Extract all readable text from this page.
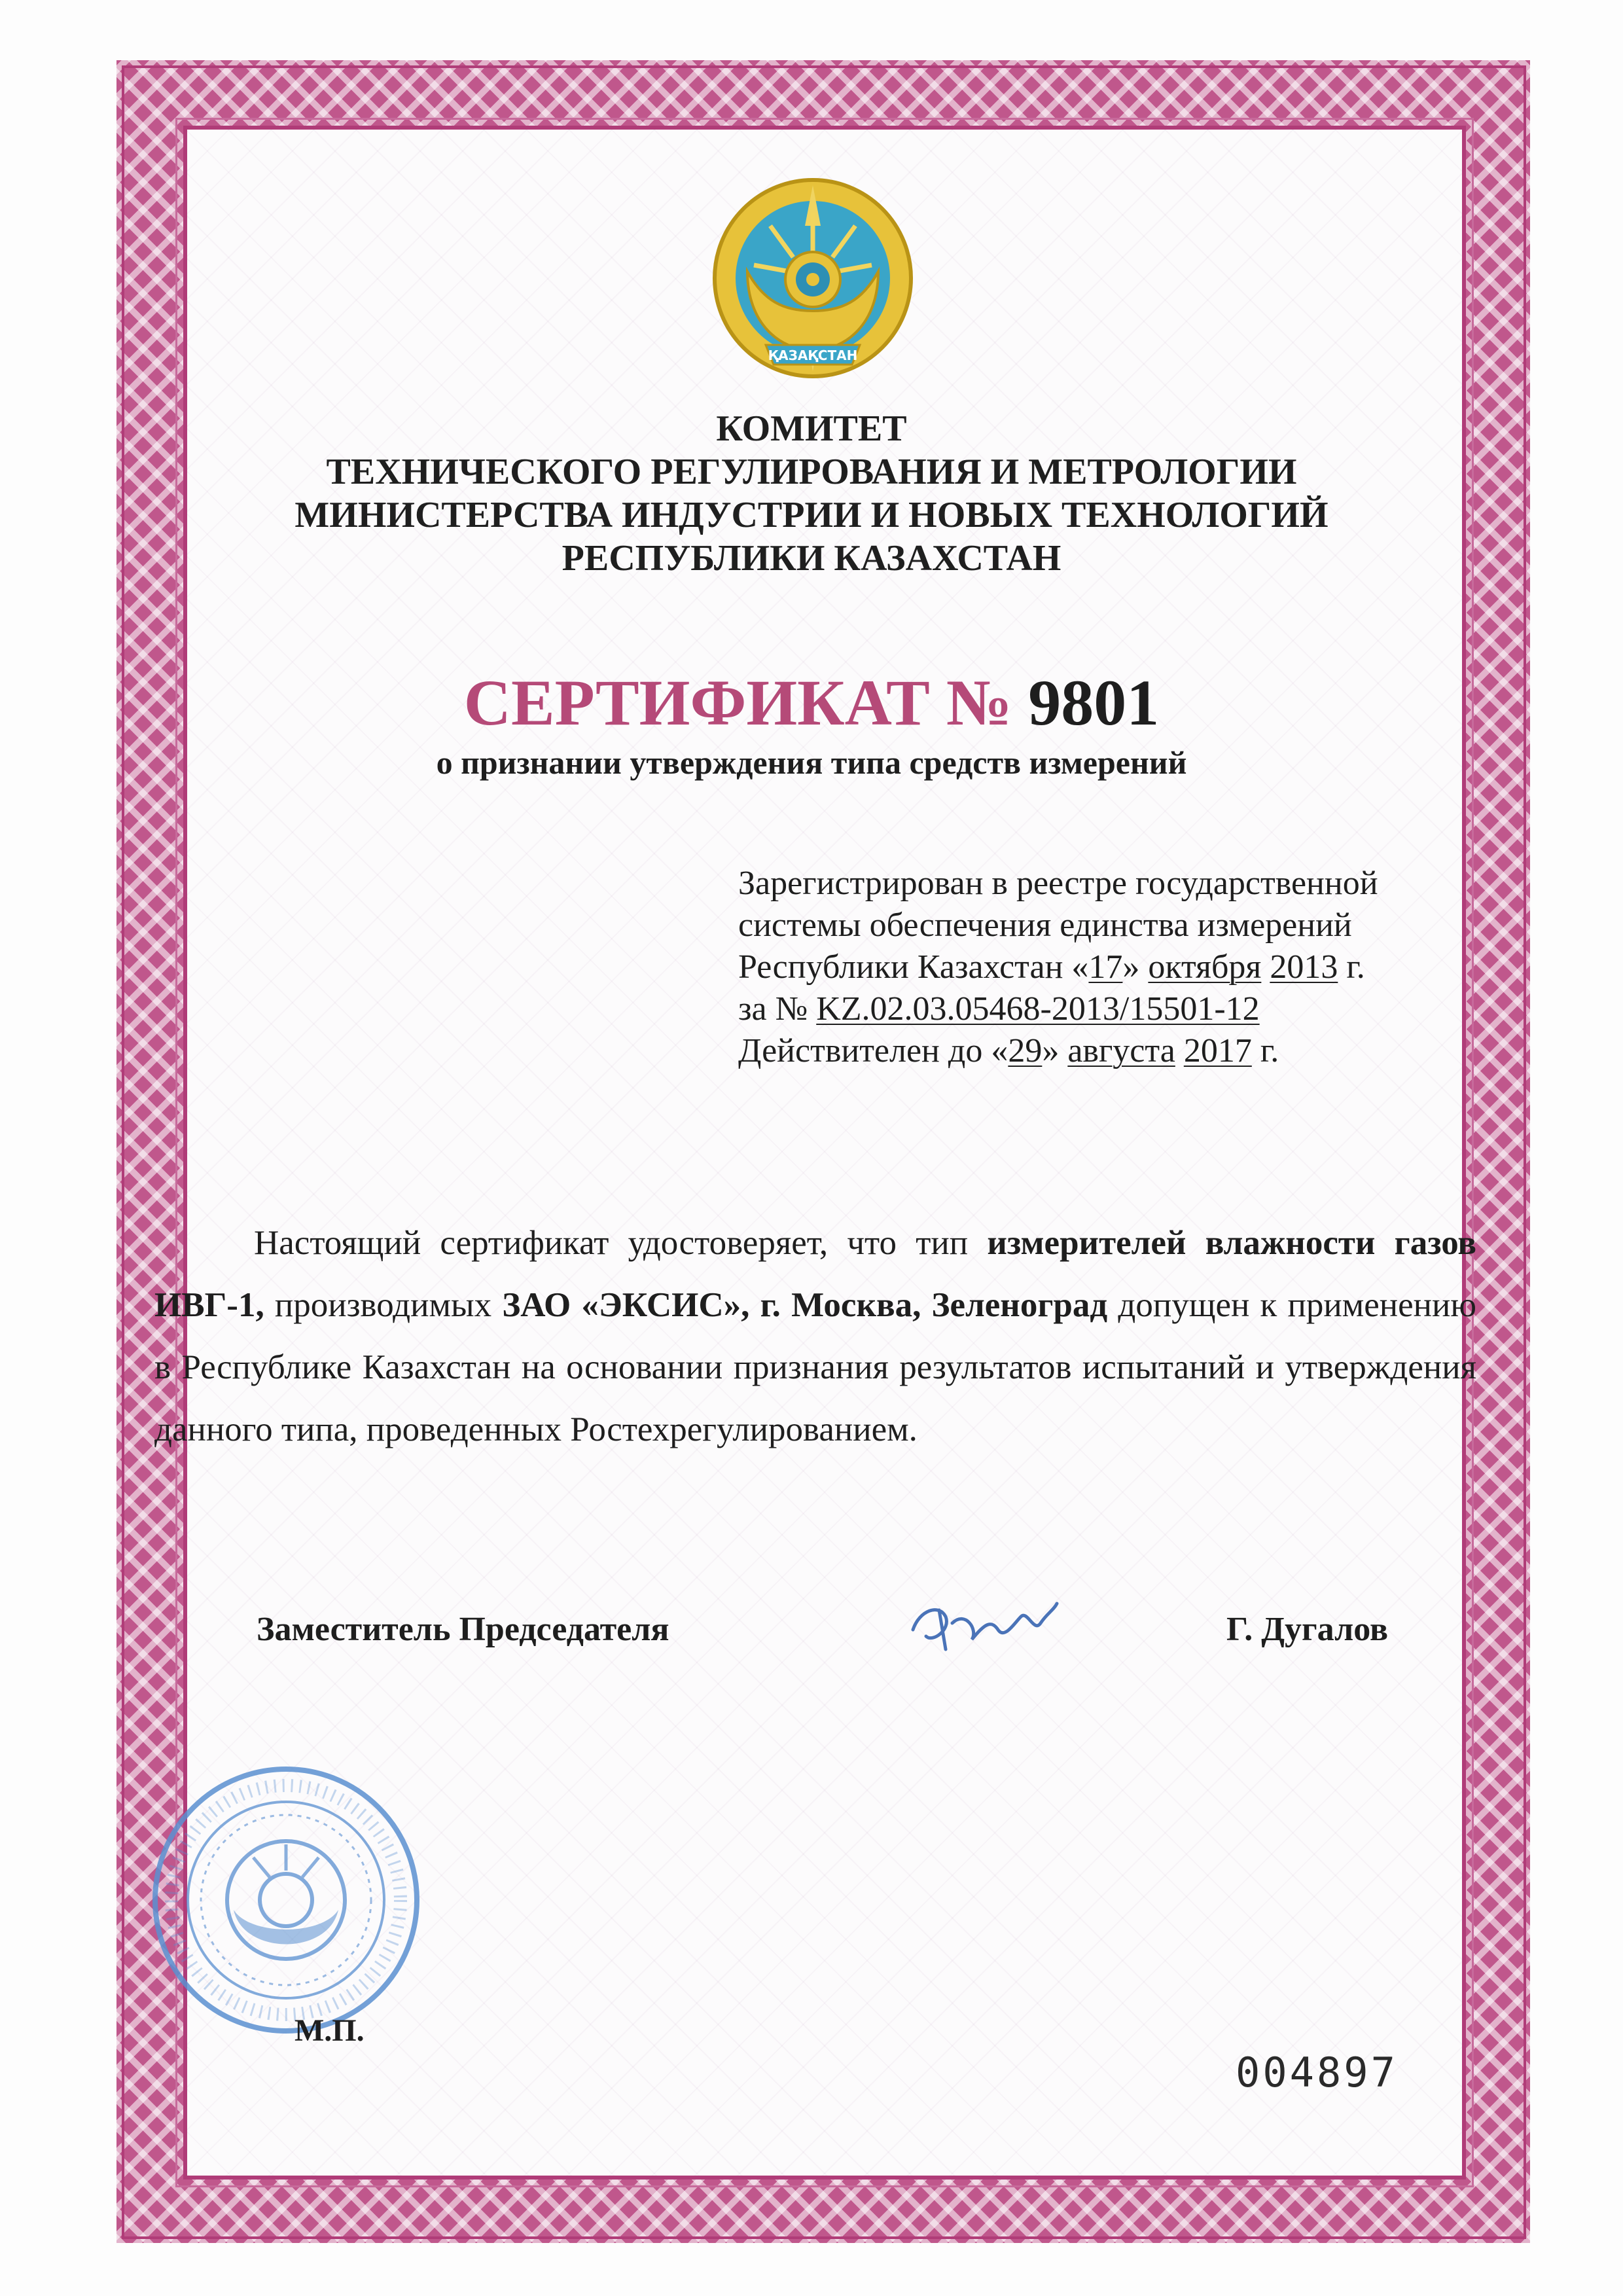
ҚАЗАҚСТАН
КОМИТЕТ
ТЕХНИЧЕСКОГО РЕГУЛИРОВАНИЯ И МЕТРОЛОГИИ
МИНИСТЕРСТВА ИНДУСТРИИ И НОВЫХ ТЕХНОЛОГИЙ
РЕСПУБЛИКИ КАЗАХСТАН
СЕРТИФИКАТ № 9801
о признании утверждения типа средств измерений
Зарегистрирован в реестре государственной
системы обеспечения единства измерений
Республики Казахстан «17» октября 2013 г.
за № KZ.02.03.05468-2013/15501-12
Действителен до «29» августа 2017 г.
Настоящий сертификат удостоверяет, что тип измерителей влажности газов ИВГ-1, производимых ЗАО «ЭКСИС», г. Москва, Зеленоград допущен к применению в Республике Казахстан на основании признания результатов испытаний и утверждения данного типа, проведенных Ростехрегулированием.
Заместитель Председателя	Г. Дугалов
М.П.
004897
